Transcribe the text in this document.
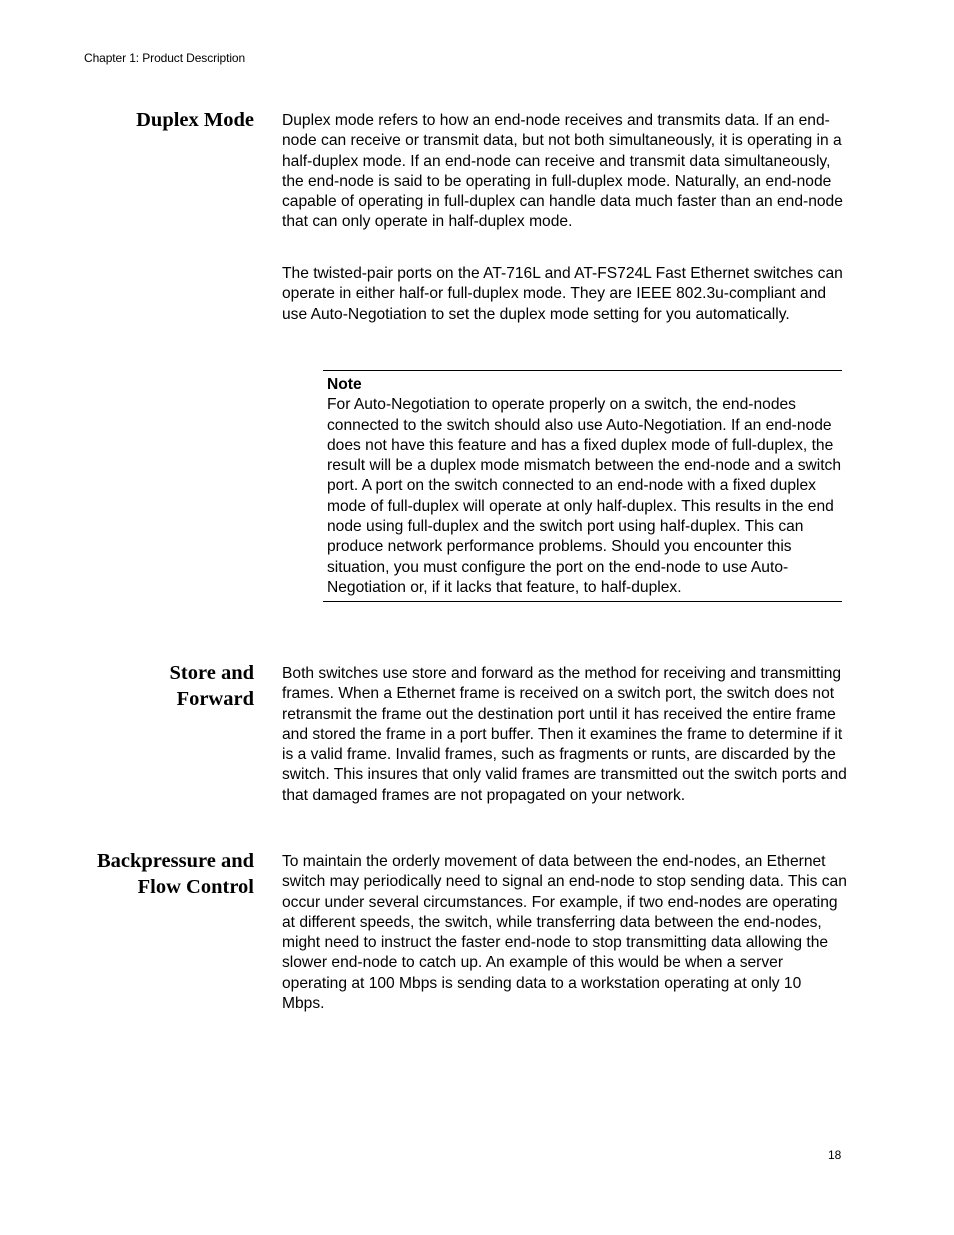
Chapter 1: Product Description
Duplex Mode Duplex mode refers to how an end-node receives and transmits data. If an end-node can receive or transmit data, but not both simultaneously, it is operating in a half-duplex mode. If an end-node can receive and transmit data simultaneously, the end-node is said to be operating in full-duplex mode. Naturally, an end-node capable of operating in full-duplex can handle data much faster than an end-node that can only operate in half-duplex mode.

The twisted-pair ports on the AT-716L and AT-FS724L Fast Ethernet switches can operate in either half-or full-duplex mode. They are IEEE 802.3u-compliant and use Auto-Negotiation to set the duplex mode setting for you automatically.

Note

For Auto-Negotiation to operate properly on a switch, the end-nodes connected to the switch should also use Auto-Negotiation. If an end-node does not have this feature and has a fixed duplex mode of full-duplex, the result will be a duplex mode mismatch between the end-node and a switch port. A port on the switch connected to an end-node with a fixed duplex mode of full-duplex will operate at only half-duplex. This results in the end node using full-duplex and the switch port using half-duplex. This can produce network performance problems. Should you encounter this situation, you must configure the port on the end-node to use Auto-Negotiation or, if it lacks that feature, to half-duplex.

Store and
Forward

Both switches use store and forward as the method for receiving and transmitting frames. When a Ethernet frame is received on a switch port, the switch does not retransmit the frame out the destination port until it has received the entire frame and stored the frame in a port buffer. Then it examines the frame to determine if it is a valid frame. Invalid frames, such as fragments or runts, are discarded by the switch. This insures that only valid frames are transmitted out the switch ports and that damaged frames are not propagated on your network.

Backpressure and
Flow Control

To maintain the orderly movement of data between the end-nodes, an Ethernet switch may periodically need to signal an end-node to stop sending data. This can occur under several circumstances. For example, if two end-nodes are operating at different speeds, the switch, while transferring data between the end-nodes, might need to instruct the faster end-node to stop transmitting data allowing the slower end-node to catch up. An example of this would be when a server operating at 100 Mbps is sending data to a workstation operating at only 10 Mbps.

18
